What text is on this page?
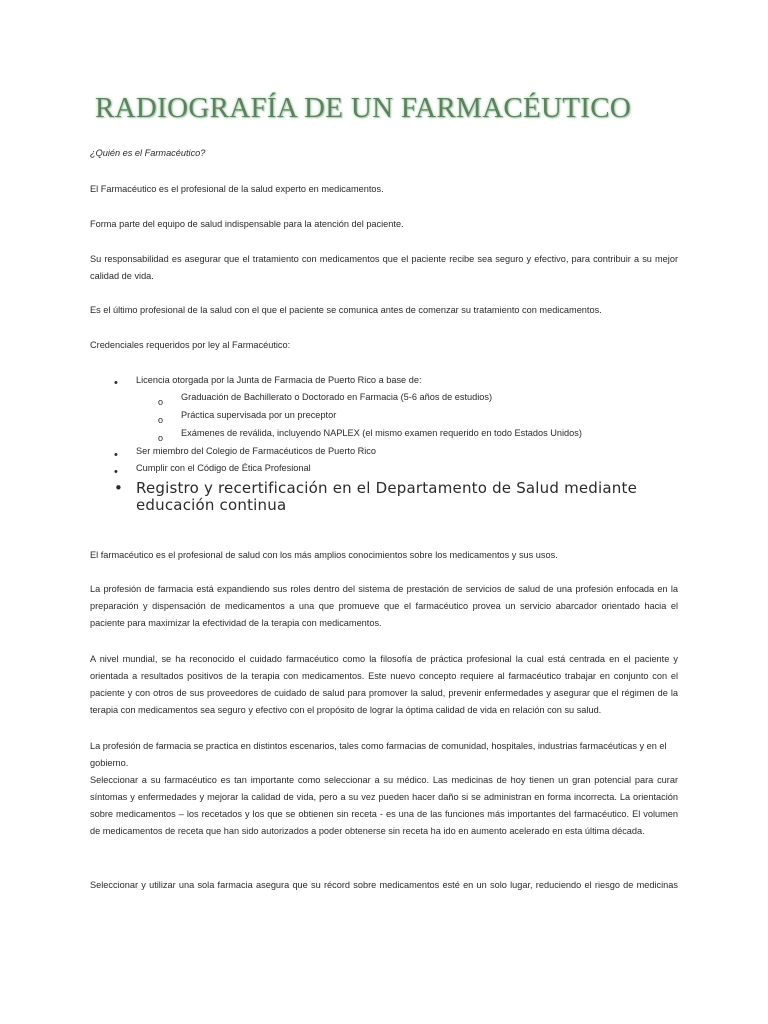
RADIOGRAFÍA DE UN FARMACÉUTICO

¿Quién es el Farmacéutico?

El Farmacéutico es el profesional de la salud experto en medicamentos.

Forma parte del equipo de salud indispensable para la atención del paciente.

Su responsabilidad es asegurar que el tratamiento con medicamentos que el paciente recibe sea seguro y efectivo, para contribuir a su mejor calidad de vida.

Es el último profesional de la salud con el que el paciente se comunica antes de comenzar su tratamiento con medicamentos.

Credenciales requeridos por ley al Farmacéutico:

• Licencia otorgada por la Junta de Farmacia de Puerto Rico a base de:
o Graduación de Bachillerato o Doctorado en Farmacia (5-6 años de estudios)
o Práctica supervisada por un preceptor
o Exámenes de reválida, incluyendo NAPLEX (el mismo examen requerido en todo Estados Unidos)
• Ser miembro del Colegio de Farmacéuticos de Puerto Rico
• Cumplir con el Código de Ética Profesional
• Registro y recertificación en el Departamento de Salud mediante educación continua

El farmacéutico es el profesional de salud con los más amplios conocimientos sobre los medicamentos y sus usos.

La profesión de farmacia está expandiendo sus roles dentro del sistema de prestación de servicios de salud de una profesión enfocada en la preparación y dispensación de medicamentos a una que promueve que el farmacéutico provea un servicio abarcador orientado hacia el paciente para maximizar la efectividad de la terapia con medicamentos.

A nivel mundial, se ha reconocido el cuidado farmacéutico como la filosofía de práctica profesional la cual está centrada en el paciente y orientada a resultados positivos de la terapia con medicamentos. Este nuevo concepto requiere al farmacéutico trabajar en conjunto con el paciente y con otros de sus proveedores de cuidado de salud para promover la salud, prevenir enfermedades y asegurar que el régimen de la terapia con medicamentos sea seguro y efectivo con el propósito de lograr la óptima calidad de vida en relación con su salud.

La profesión de farmacia se practica en distintos escenarios, tales como farmacias de comunidad, hospitales, industrias farmacéuticas y en el gobierno.

Seleccionar a su farmacéutico es tan importante como seleccionar a su médico. Las medicinas de hoy tienen un gran potencial para curar síntomas y enfermedades y mejorar la calidad de vida, pero a su vez pueden hacer daño si se administran en forma incorrecta. La orientación sobre medicamentos – los recetados y los que se obtienen sin receta - es una de las funciones más importantes del farmacéutico. El volumen de medicamentos de receta que han sido autorizados a poder obtenerse sin receta ha ido en aumento acelerado en esta última década.

Seleccionar y utilizar una sola farmacia asegura que su récord sobre medicamentos esté en un solo lugar, reduciendo el riesgo de medicinas
